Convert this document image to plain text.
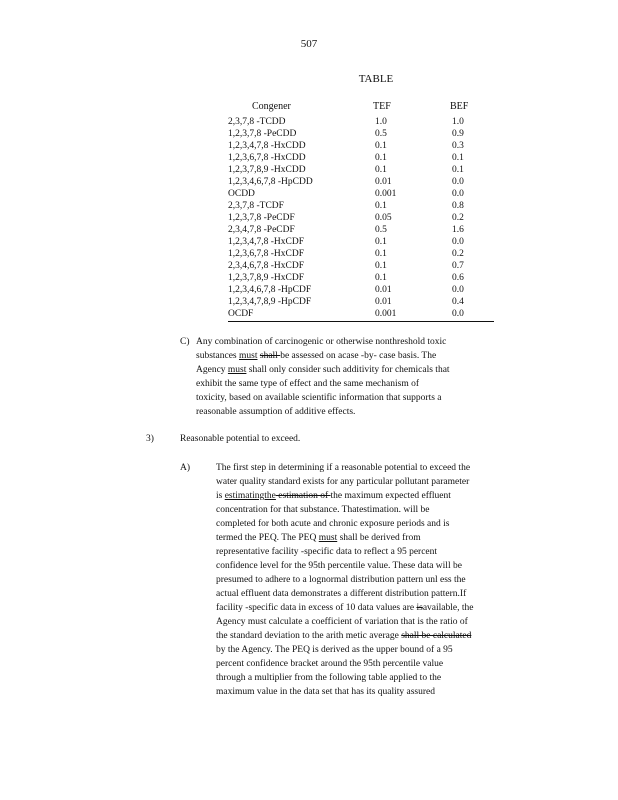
507
TABLE
Congener	TEF	BEF
2,3,7,8 -TCDD	1.0	1.0
1,2,3,7,8 -PeCDD	0.5	0.9
1,2,3,4,7,8 -HxCDD	0.1	0.3
1,2,3,6,7,8 -HxCDD	0.1	0.1
1,2,3,7,8,9 -HxCDD	0.1	0.1
1,2,3,4,6,7,8 -HpCDD	0.01	0.0
OCDD	0.001	0.0
2,3,7,8 -TCDF	0.1	0.8
1,2,3,7,8 -PeCDF	0.05	0.2
2,3,4,7,8 -PeCDF	0.5	1.6
1,2,3,4,7,8 -HxCDF	0.1	0.0
1,2,3,6,7,8 -HxCDF	0.1	0.2
2,3,4,6,7,8 -HxCDF	0.1	0.7
1,2,3,7,8,9 -HxCDF	0.1	0.6
1,2,3,4,6,7,8 -HpCDF	0.01	0.0
1,2,3,4,7,8,9 -HpCDF	0.01	0.4
OCDF	0.001	0.0
C) Any combination of carcinogenic or otherwise nonthreshold toxic
substances must shall be assessed on acase -by- case basis. The
Agency must shall only consider such additivity for chemicals that
exhibit the same type of effect and the same mechanism of
toxicity, based on available scientific information that supports a
reasonable assumption of additive effects.
3)	Reasonable potential to exceed.
A)	The first step in determining if a reasonable potential to exceed the
water quality standard exists for any particular pollutant parameter
is estimatingthe estimation of the maximum expected effluent
concentration for that substance. Thatestimation. will be
completed for both acute and chronic exposure periods and is
termed the PEQ. The PEQ must shall be derived from
representative facility -specific data to reflect a 95 percent
confidence level for the 95th percentile value. These data will be
presumed to adhere to a lognormal distribution pattern unl ess the
actual effluent data demonstrates a different distribution pattern.If
facility -specific data in excess of 10 data values are isavailable, the
Agency must calculate a coefficient of variation that is the ratio of
the standard deviation to the arith metic average shall be calculated
by the Agency. The PEQ is derived as the upper bound of a 95
percent confidence bracket around the 95th percentile value
through a multiplier from the following table applied to the
maximum value in the data set that has its quality assured
